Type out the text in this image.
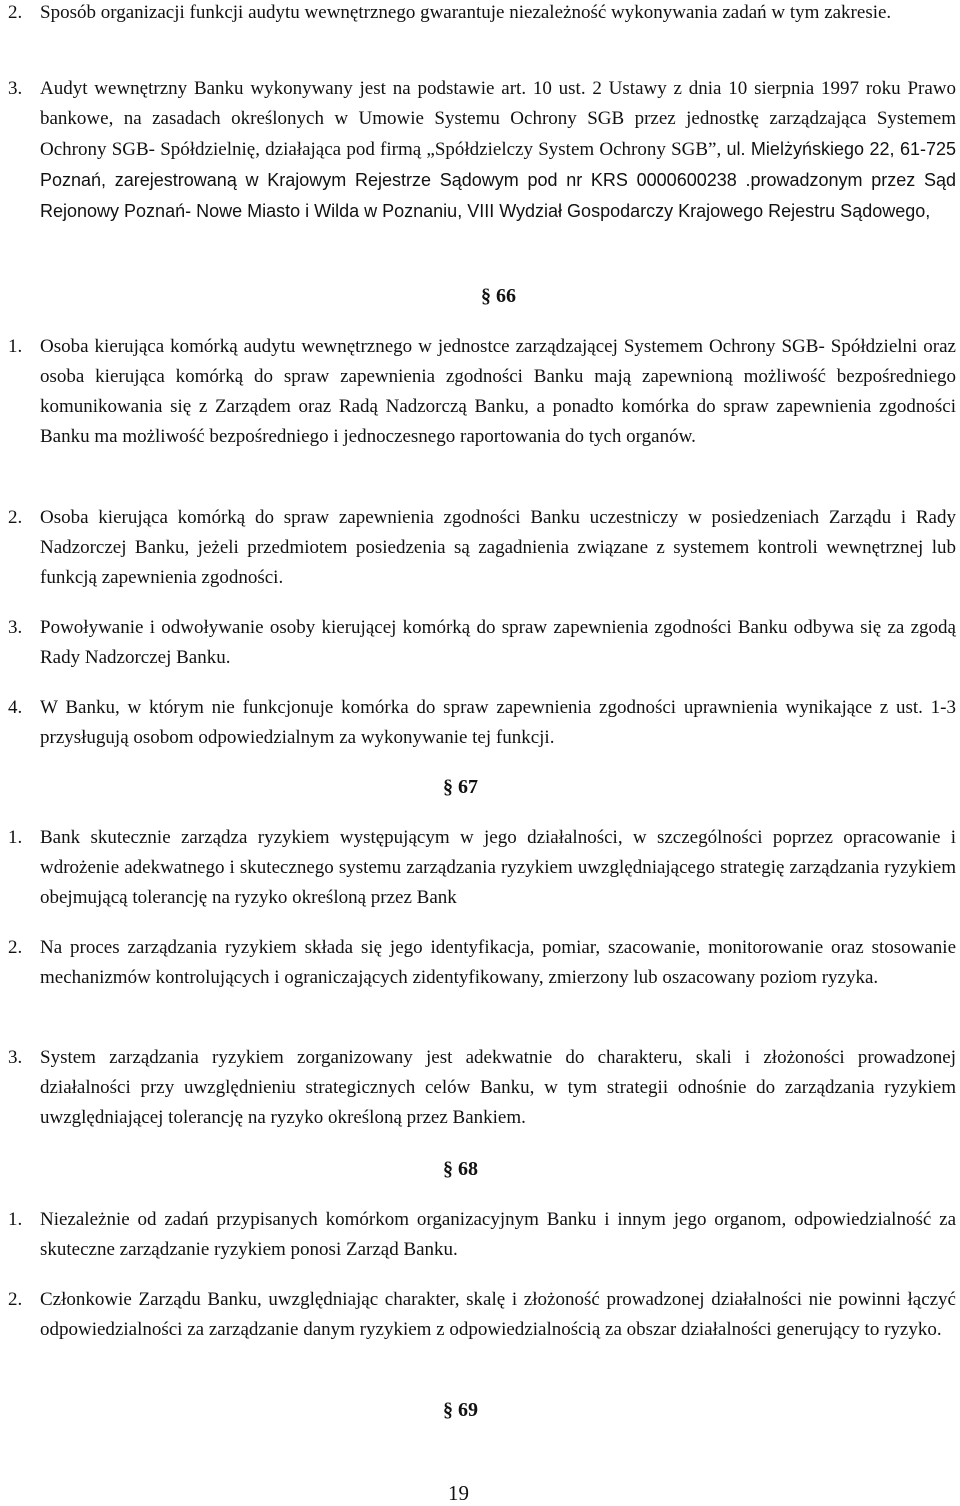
2. Sposób organizacji funkcji audytu wewnętrznego gwarantuje niezależność wykonywania zadań w tym zakresie.
3. Audyt wewnętrzny Banku wykonywany jest na podstawie art. 10 ust. 2 Ustawy z dnia 10 sierpnia 1997 roku Prawo bankowe, na zasadach określonych w Umowie Systemu Ochrony SGB przez jednostkę zarządzająca Systemem Ochrony SGB- Spółdzielnię, działająca pod firmą „Spółdzielczy System Ochrony SGB”, ul. Mielżyńskiego 22, 61-725 Poznań, zarejestrowaną w Krajowym Rejestrze Sądowym pod nr KRS 0000600238 .prowadzonym przez Sąd Rejonowy Poznań- Nowe Miasto i Wilda w Poznaniu, VIII Wydział Gospodarczy Krajowego Rejestru Sądowego,
§ 66
1. Osoba kierująca komórką audytu wewnętrznego w jednostce zarządzającej Systemem Ochrony SGB- Spółdzielni oraz osoba kierująca komórką do spraw zapewnienia zgodności Banku mają zapewnioną możliwość bezpośredniego komunikowania się z Zarządem oraz Radą Nadzorczą Banku, a ponadto komórka do spraw zapewnienia zgodności Banku ma możliwość bezpośredniego i jednoczesnego raportowania do tych organów.
2. Osoba kierująca komórką do spraw zapewnienia zgodności Banku uczestniczy w posiedzeniach Zarządu i Rady Nadzorczej Banku, jeżeli przedmiotem posiedzenia są zagadnienia związane z systemem kontroli wewnętrznej lub funkcją zapewnienia zgodności.
3. Powoływanie i odwoływanie osoby kierującej komórką do spraw zapewnienia zgodności Banku odbywa się za zgodą Rady Nadzorczej Banku.
4. W Banku, w którym nie funkcjonuje komórka do spraw zapewnienia zgodności uprawnienia wynikające z ust. 1-3 przysługują osobom odpowiedzialnym za wykonywanie tej funkcji.
§ 67
1. Bank skutecznie zarządza ryzykiem występującym w jego działalności, w szczególności poprzez opracowanie i wdrożenie adekwatnego i skutecznego systemu zarządzania ryzykiem uwzględniającego strategię zarządzania ryzykiem obejmującą tolerancję na ryzyko określoną przez Bank
2. Na proces zarządzania ryzykiem składa się jego identyfikacja, pomiar, szacowanie, monitorowanie oraz stosowanie mechanizmów kontrolujących i ograniczających zidentyfikowany, zmierzony lub oszacowany poziom ryzyka.
3. System zarządzania ryzykiem zorganizowany jest adekwatnie do charakteru, skali i złożoności prowadzonej działalności przy uwzględnieniu strategicznych celów Banku, w tym strategii odnośnie do zarządzania ryzykiem uwzględniającej tolerancję na ryzyko określoną przez Bankiem.
§ 68
1. Niezależnie od zadań przypisanych komórkom organizacyjnym Banku i innym jego organom, odpowiedzialność za skuteczne zarządzanie ryzykiem ponosi Zarząd Banku.
2. Członkowie Zarządu Banku, uwzględniając charakter, skalę i złożoność prowadzonej działalności nie powinni łączyć odpowiedzialności za zarządzanie danym ryzykiem z odpowiedzialnością za obszar działalności generujący to ryzyko.
§ 69
19
